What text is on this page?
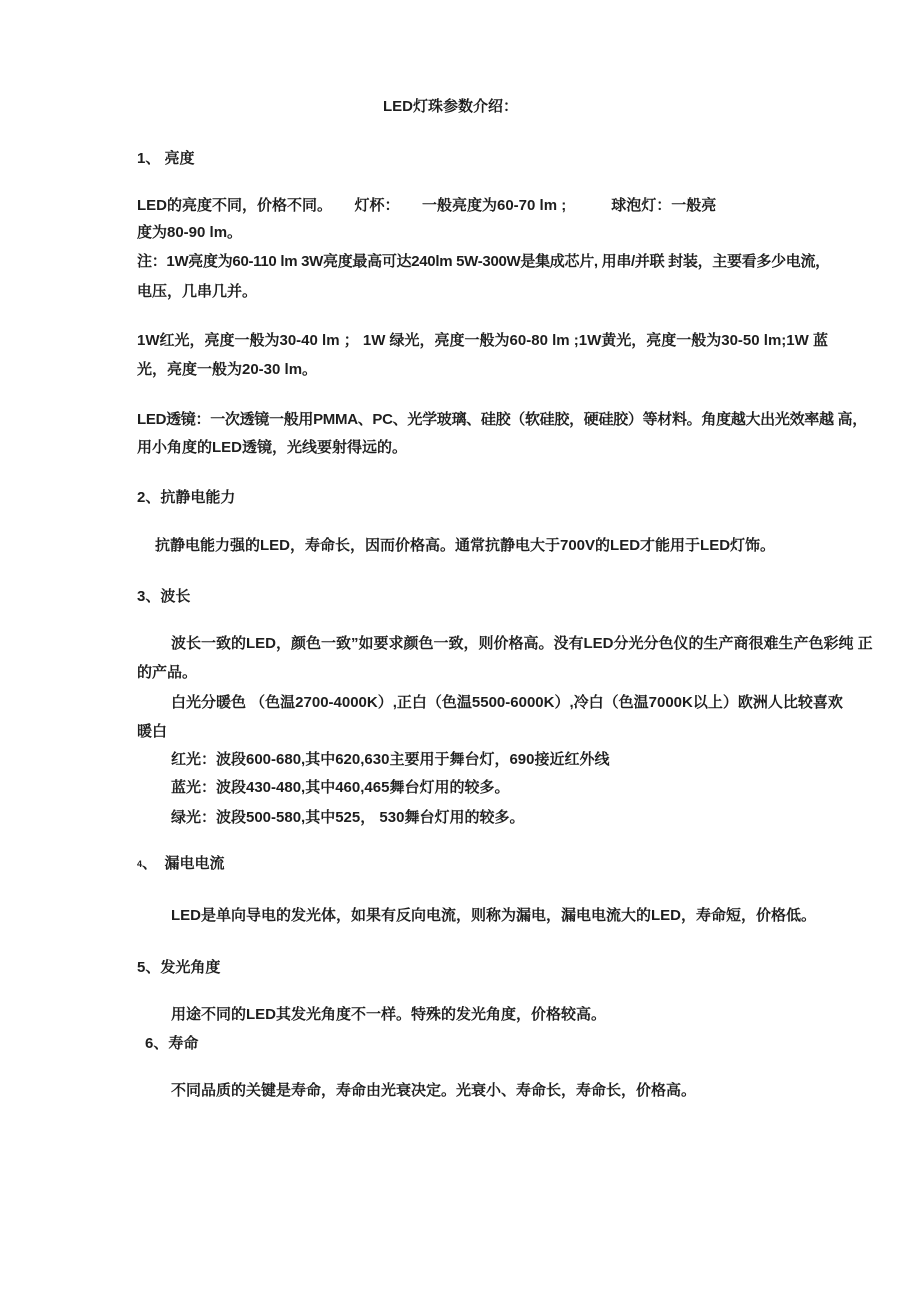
LED灯珠参数介绍：
1、 亮度
LED的亮度不同，价格不同。　　灯杯：　　一般亮度为60-70 lm ;　　　球泡灯：一般亮
度为80-90 lm。
注：1W亮度为60-110 lm 3W亮度最高可达240lm 5W-300W是集成芯片, 用串/并联 封装，主要看多少电流，
电压，几串几并。
1W红光，亮度一般为30-40 lm ； 1W 绿光，亮度一般为60-80 lm ;1W黄光，亮度一般为30-50 lm;1W 蓝
光，亮度一般为20-30 lm。
LED透镜：一次透镜一般用PMMA、PC、光学玻璃、硅胶（软硅胶，硬硅胶）等材料。角度越大出光效率越 高，
用小角度的LED透镜，光线要射得远的。
2、抗静电能力
抗静电能力强的LED，寿命长，因而价格高。通常抗静电大于700V的LED才能用于LED灯饰。
3、波长
波长一致的LED，颜色一致”如要求颜色一致，则价格高。没有LED分光分色仪的生产商很难生产色彩纯 正
的产品。
白光分暖色 （色温2700-4000K）,正白（色温5500-6000K）,冷白（色温7000K以上）欧洲人比较喜欢
暖白
红光：波段600-680,其中620,630主要用于舞台灯，690接近红外线
蓝光：波段430-480,其中460,465舞台灯用的较多。
绿光：波段500-580,其中525， 530舞台灯用的较多。
$^4$、　漏电电流
LED是单向导电的发光体，如果有反向电流，则称为漏电，漏电电流大的LED，寿命短，价格低。
5、发光角度
用途不同的LED其发光角度不一样。特殊的发光角度，价格较高。
6、寿命
不同品质的关键是寿命，寿命由光衰决定。光衰小、寿命长，寿命长，价格高。
